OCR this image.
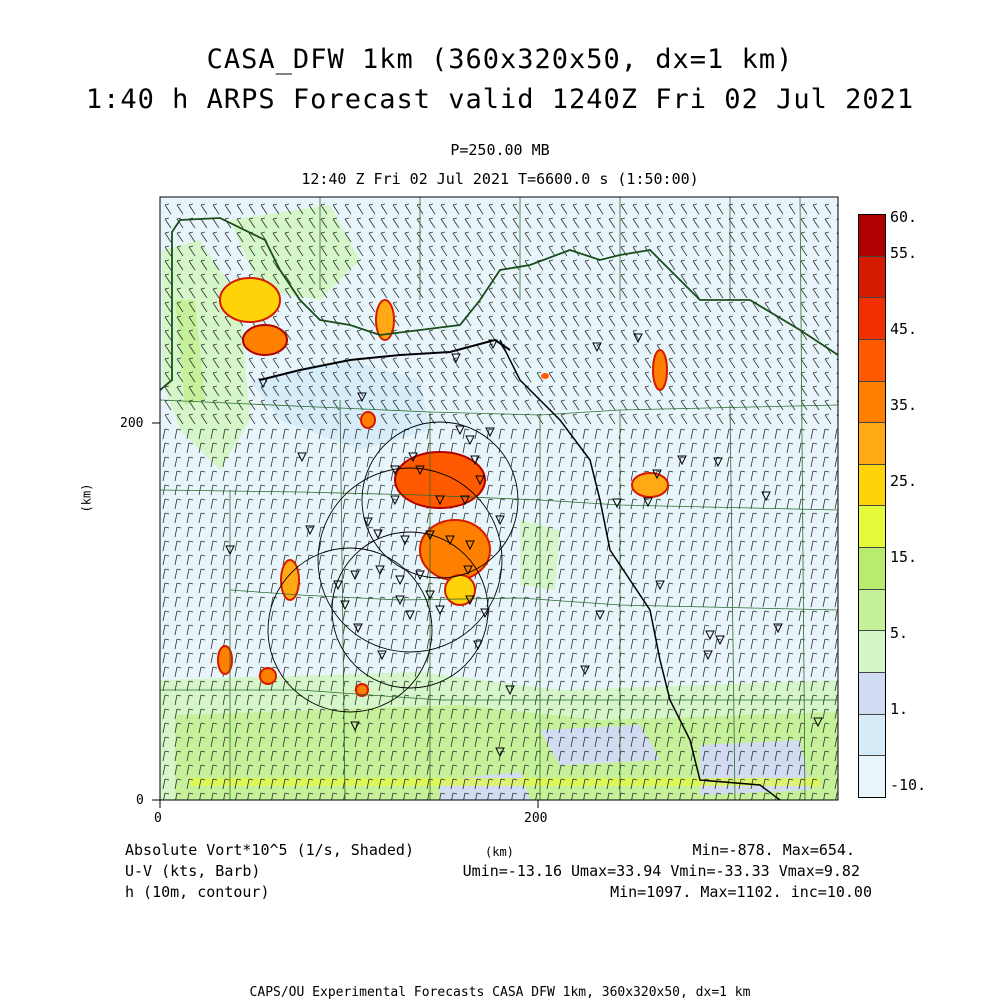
CASA_DFW 1km (360x320x50, dx=1 km)
1:40 h ARPS Forecast valid 1240Z Fri 02 Jul 2021
P=250.00 MB
12:40 Z Fri 02 Jul 2021 T=6600.0 s (1:50:00)
0	200
0
200
(km)
60.
55.
45.
35.
25.
15.
5.
1.
-10.
Absolute Vort*10^5 (1/s, Shaded)	(km)	Min=-878. Max=654.
U-V (kts, Barb)	Umin=-13.16 Umax=33.94 Vmin=-33.33 Vmax=9.82
h (10m, contour)	Min=1097. Max=1102. inc=10.00
CAPS/OU Experimental Forecasts CASA DFW 1km, 360x320x50, dx=1 km
